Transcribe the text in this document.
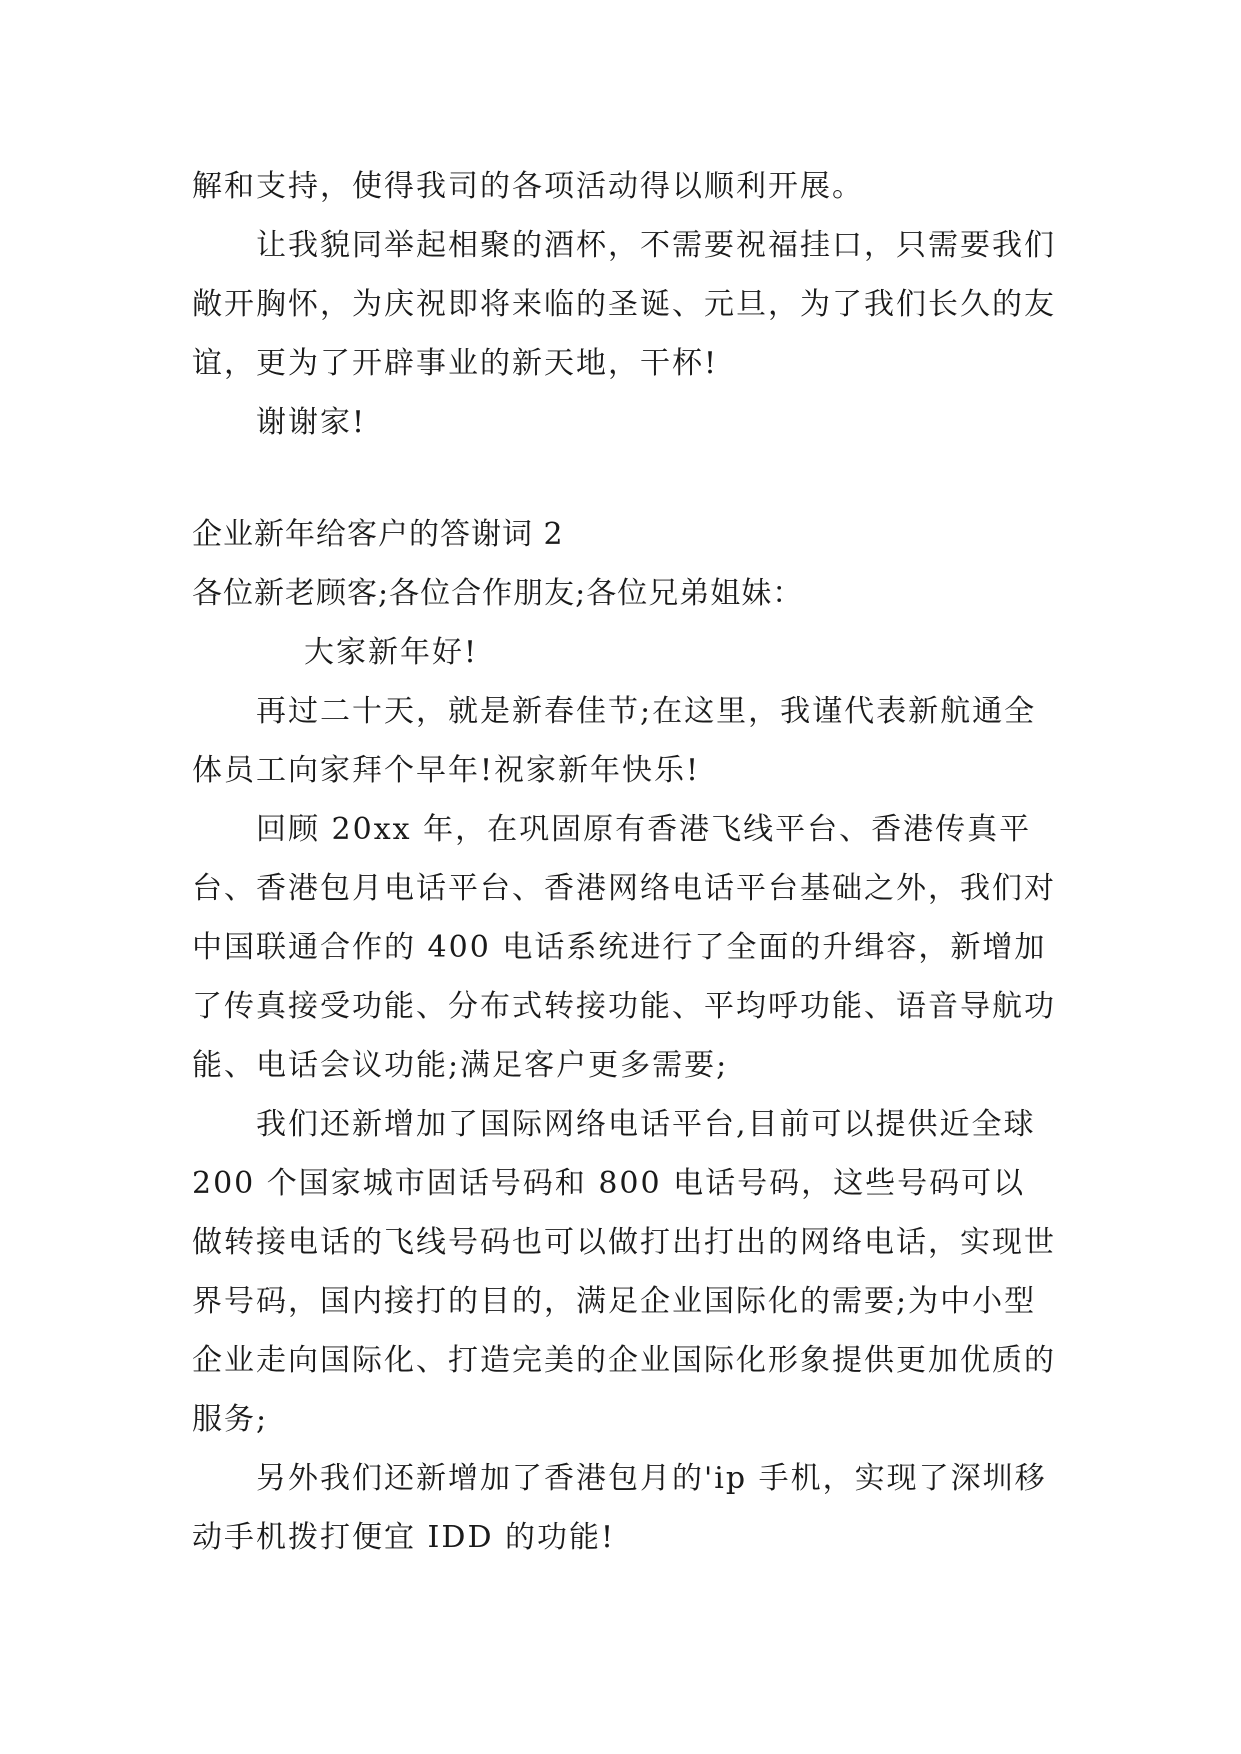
解和支持，使得我司的各项活动得以顺利开展。

让我貌同举起相聚的酒杯，不需要祝福挂口，只需要我们敞开胸怀，为庆祝即将来临的圣诞、元旦，为了我们长久的友谊，更为了开辟事业的新天地，干杯!

谢谢家!

企业新年给客户的答谢词 2

各位新老顾客;各位合作朋友;各位兄弟姐妹：

大家新年好!

再过二十天，就是新春佳节;在这里，我谨代表新航通全体员工向家拜个早年!祝家新年快乐!

回顾 20xx 年，在巩固原有香港飞线平台、香港传真平台、香港包月电话平台、香港网络电话平台基础之外，我们对中国联通合作的 400 电话系统进行了全面的升缉容，新增加了传真接受功能、分布式转接功能、平均呼功能、语音导航功能、电话会议功能;满足客户更多需要;

我们还新增加了国际网络电话平台,目前可以提供近全球 200 个国家城市固话号码和 800 电话号码，这些号码可以做转接电话的飞线号码也可以做打出打出的网络电话，实现世界号码，国内接打的目的，满足企业国际化的需要;为中小型企业走向国际化、打造完美的企业国际化形象提供更加优质的服务;

另外我们还新增加了香港包月的'ip 手机，实现了深圳移动手机拨打便宜 IDD 的功能!
